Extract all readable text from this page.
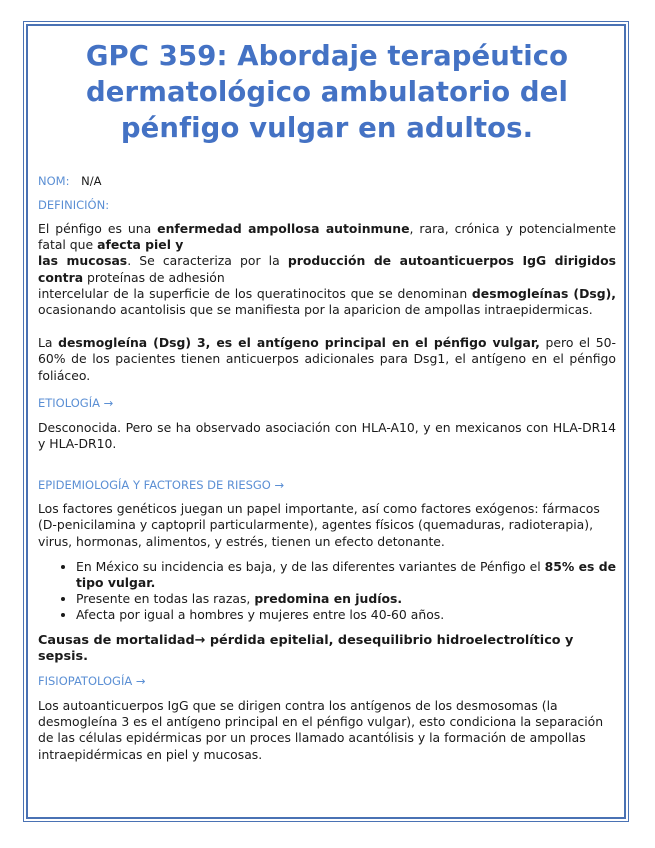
GPC 359: Abordaje terapéutico dermatológico ambulatorio del pénfigo vulgar en adultos.
NOM: N/A
DEFINICIÓN:

El pénfigo es una enfermedad ampollosa autoinmune, rara, crónica y potencialmente fatal que afecta piel y

las mucosas. Se caracteriza por la producción de autoanticuerpos IgG dirigidos contra proteínas de adhesión

intercelular de la superficie de los queratinocitos que se denominan desmogleínas (Dsg), ocasionando acantolisis que se manifiesta por la aparicion de ampollas intraepidermicas.

La desmogleína (Dsg) 3, es el antígeno principal en el pénfigo vulgar, pero el 50-60% de los pacientes tienen anticuerpos adicionales para Dsg1, el antígeno en el pénfigo foliáceo.

ETIOLOGÍA →

Desconocida. Pero se ha observado asociación con HLA-A10, y en mexicanos con HLA-DR14 y HLA-DR10.

EPIDEMIOLOGÍA Y FACTORES DE RIESGO →

Los factores genéticos juegan un papel importante, así como factores exógenos: fármacos (D-penicilamina y captopril particularmente), agentes físicos (quemaduras, radioterapia), virus, hormonas, alimentos, y estrés, tienen un efecto detonante.

• En México su incidencia es baja, y de las diferentes variantes de Pénfigo el 85% es de tipo vulgar.
• Presente en todas las razas, predomina en judíos.
• Afecta por igual a hombres y mujeres entre los 40-60 años.

Causas de mortalidad→ pérdida epitelial, desequilibrio hidroelectrolítico y sepsis.

FISIOPATOLOGÍA →

Los autoanticuerpos IgG que se dirigen contra los antígenos de los desmosomas (la desmogleína 3 es el antígeno principal en el pénfigo vulgar), esto condiciona la separación de las células epidérmicas por un proces llamado acantólisis y la formación de ampollas intraepidérmicas en piel y mucosas.
